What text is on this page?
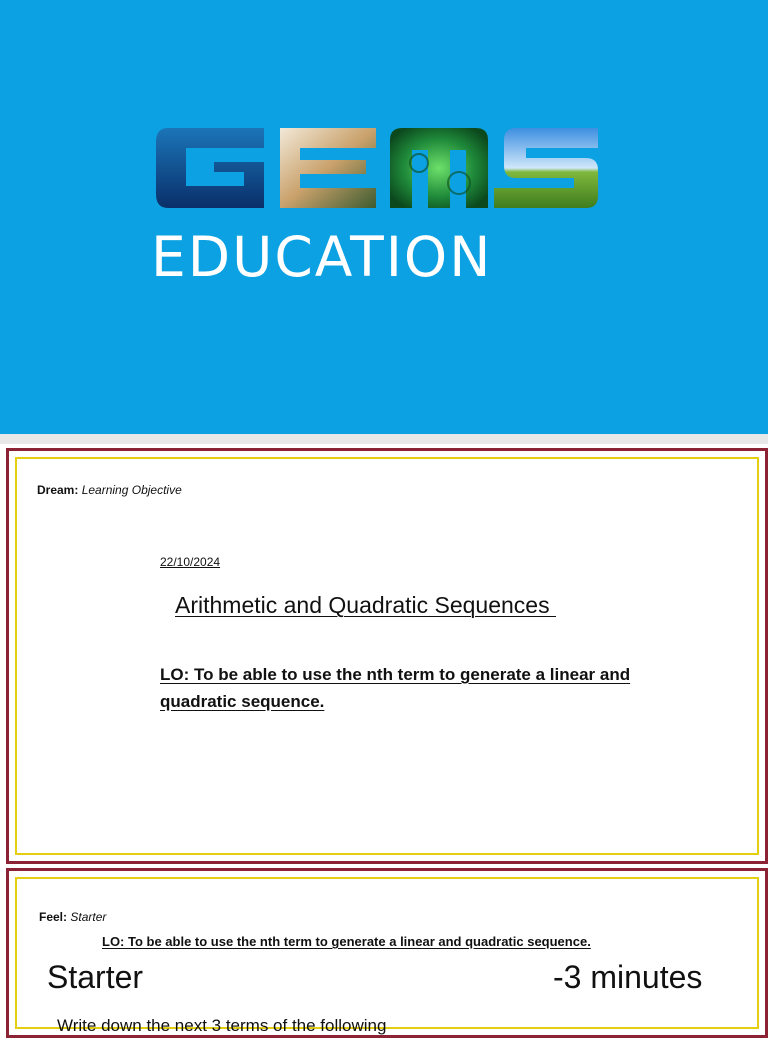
EDUCATION
Dream: Learning Objective
22/10/2024
Arithmetic and Quadratic Sequences
LO: To be able to use the nth term to generate a linear and quadratic sequence.
Feel: Starter
LO: To be able to use the nth term to generate a linear and quadratic sequence.
Starter	-3 minutes
Write down the next 3 terms of the following
